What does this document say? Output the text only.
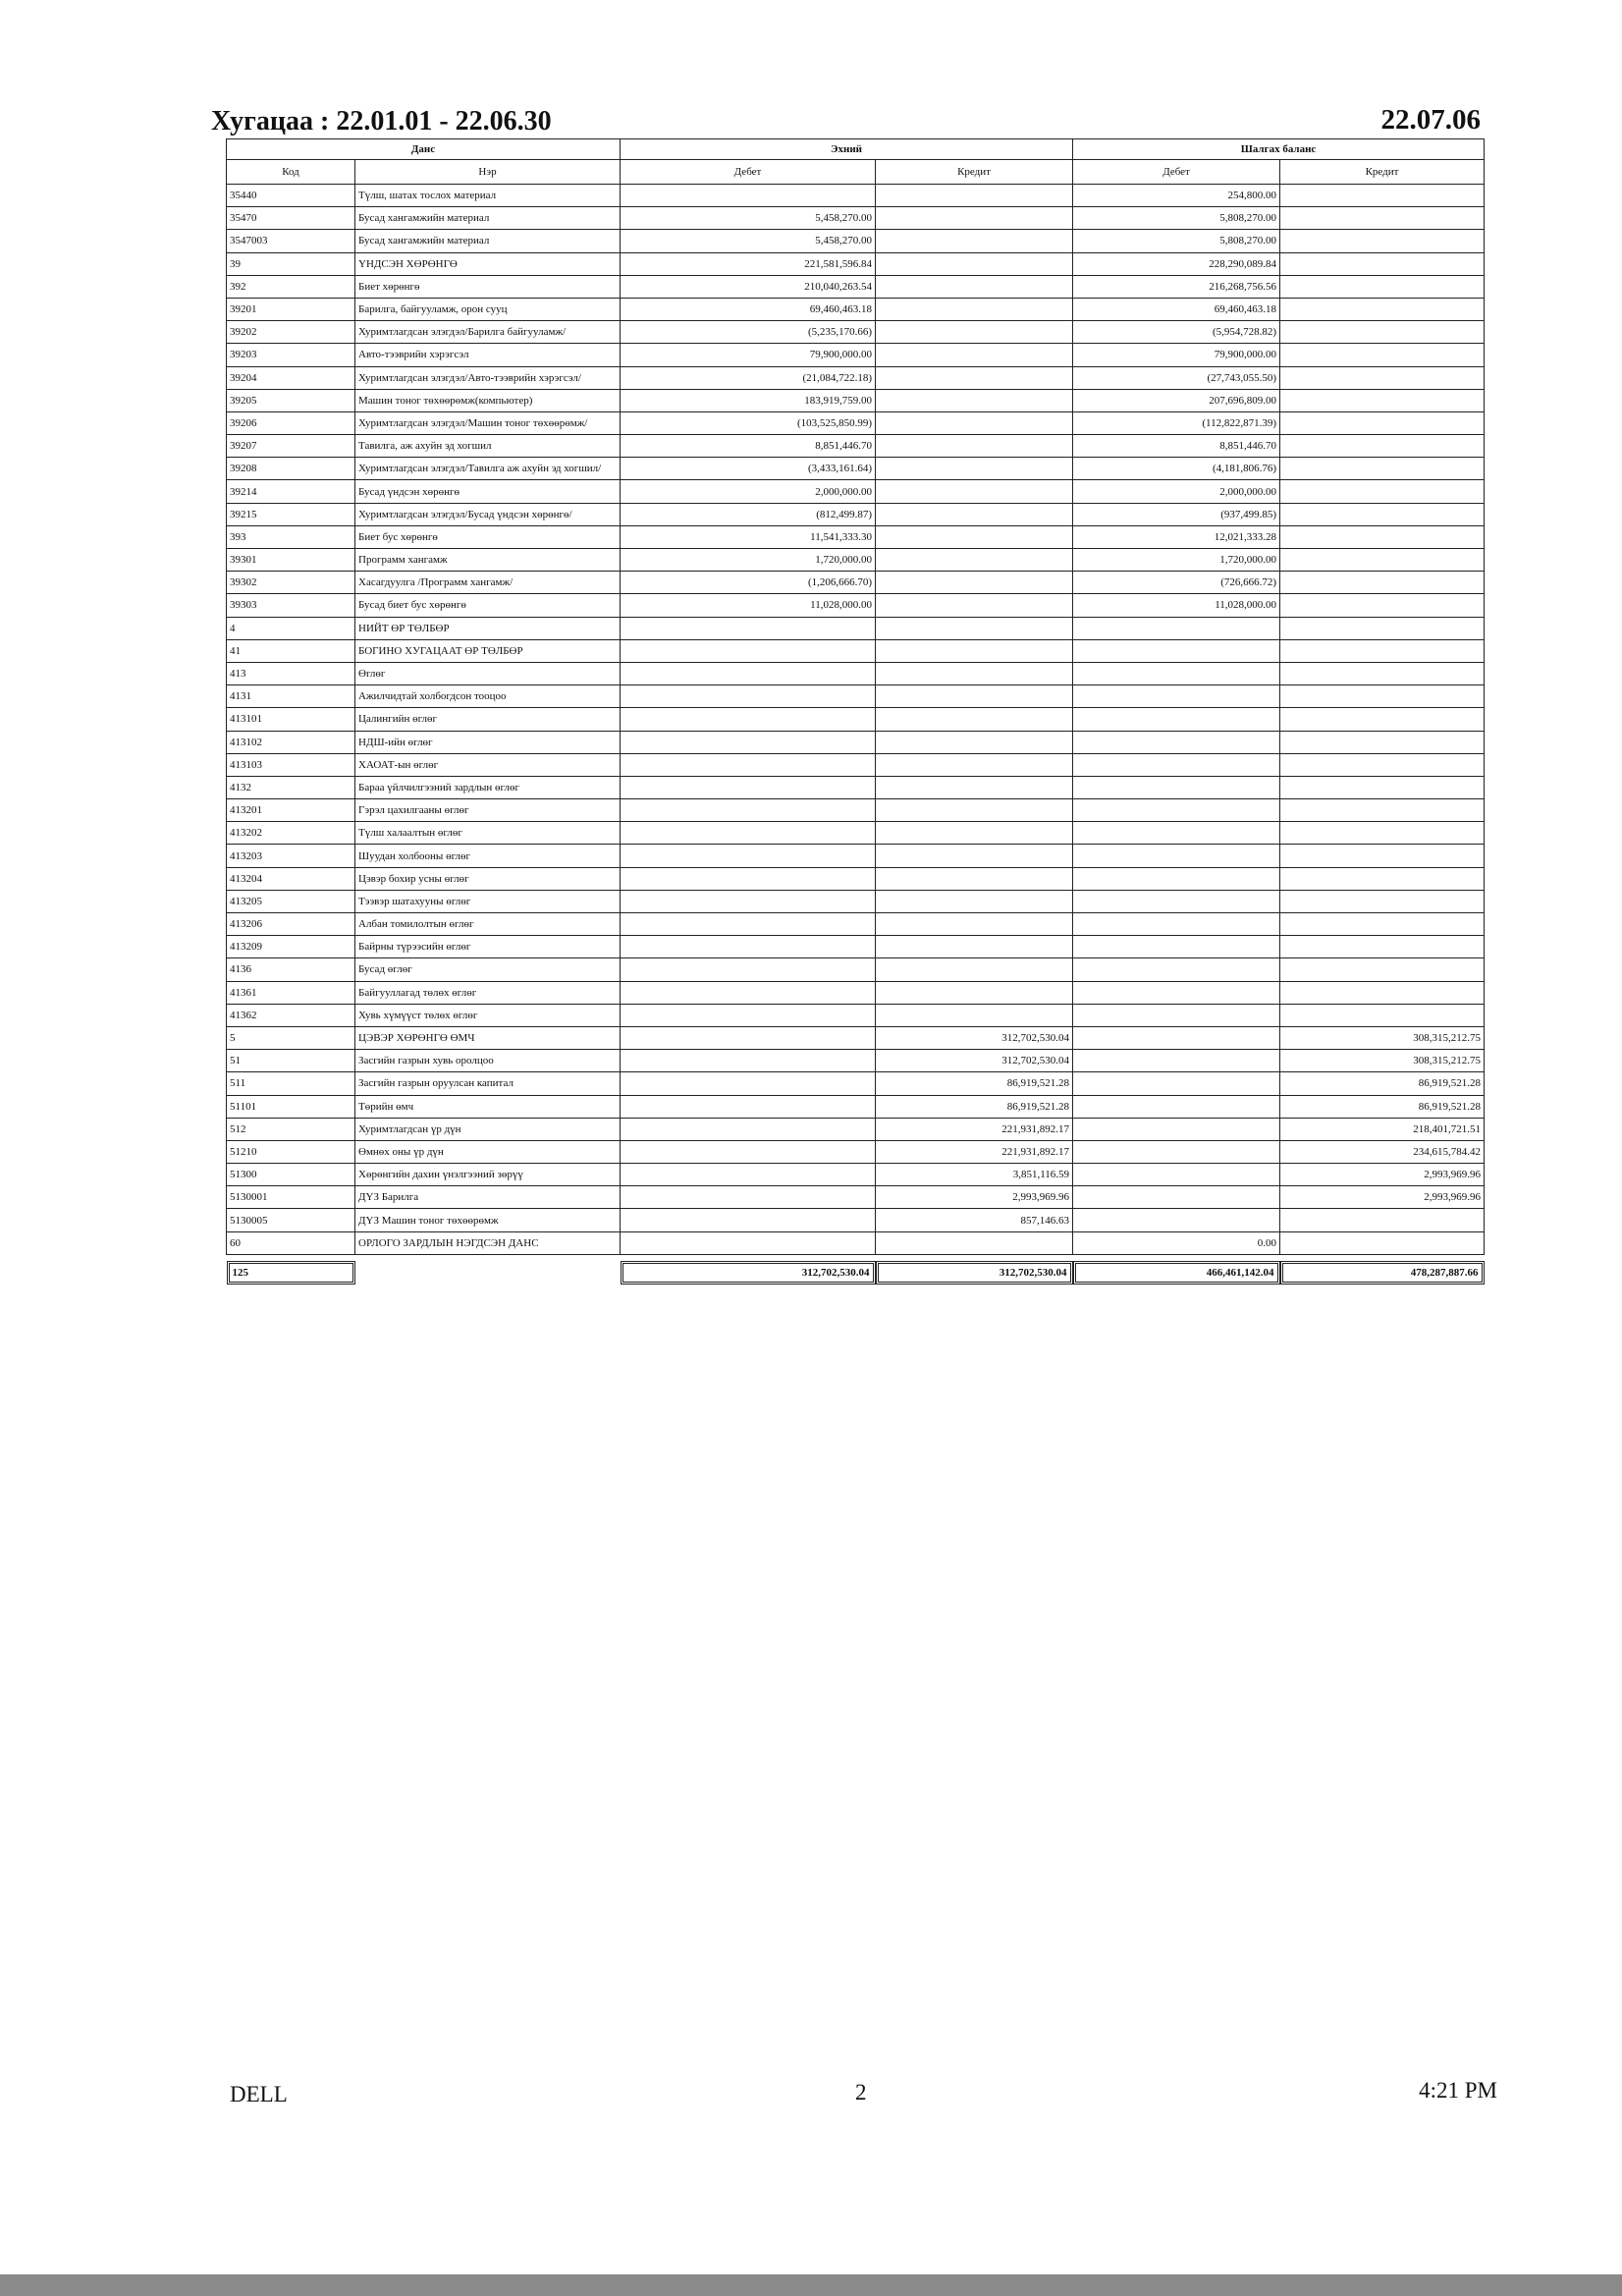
Хугацаа : 22.01.01 - 22.06.30	22.07.06
Данс		Эхний		Шалгах баланс	
Код	Нэр	Дебет	Кредит	Дебет	Кредит
35440	Түлш, шатах тослох материал			254,800.00	
35470	Бусад хангамжийн материал	5,458,270.00		5,808,270.00	
3547003	Бусад хангамжийн материал	5,458,270.00		5,808,270.00	
39	ҮНДСЭН ХӨРӨНГӨ	221,581,596.84		228,290,089.84	
392	Биет хөрөнгө	210,040,263.54		216,268,756.56	
39201	Барилга, байгууламж, орон сууц	69,460,463.18		69,460,463.18	
39202	Хуримтлагдсан элэгдэл/Барилга байгууламж/	(5,235,170.66)		(5,954,728.82)	
39203	Авто-тээврийн хэрэгсэл	79,900,000.00		79,900,000.00	
39204	Хуримтлагдсан элэгдэл/Авто-тээврийн хэрэгсэл/	(21,084,722.18)		(27,743,055.50)	
39205	Машин тоног төхөөрөмж(компьютер)	183,919,759.00		207,696,809.00	
39206	Хуримтлагдсан элэгдэл/Машин тоног төхөөрөмж/	(103,525,850.99)		(112,822,871.39)	
39207	Тавилга, аж ахуйн эд хогшил	8,851,446.70		8,851,446.70	
39208	Хуримтлагдсан элэгдэл/Тавилга аж ахуйн эд хогшил/	(3,433,161.64)		(4,181,806.76)	
39214	Бусад үндсэн хөрөнгө	2,000,000.00		2,000,000.00	
39215	Хуримтлагдсан элэгдэл/Бусад үндсэн хөрөнгө/	(812,499.87)		(937,499.85)	
393	Биет бус хөрөнгө	11,541,333.30		12,021,333.28	
39301	Программ хангамж	1,720,000.00		1,720,000.00	
39302	Хасагдуулга /Программ хангамж/	(1,206,666.70)		(726,666.72)	
39303	Бусад биет бус хөрөнгө	11,028,000.00		11,028,000.00	
4	НИЙТ ӨР ТӨЛБӨР				
41	БОГИНО ХУГАЦААТ ӨР ТӨЛБӨР				
413	Өглөг				
4131	Ажилчидтай холбогдсон тооцоо				
413101	Цалингийн өглөг				
413102	НДШ-ийн өглөг				
413103	ХАОАТ-ын өглөг				
4132	Бараа үйлчилгээний зардлын өглөг				
413201	Гэрэл цахилгааны өглөг				
413202	Түлш халаалтын өглөг				
413203	Шуудан холбооны өглөг				
413204	Цэвэр бохир усны өглөг				
413205	Тээвэр шатахууны өглөг				
413206	Албан томилолтын өглөг				
413209	Байрны түрээсийн өглөг				
4136	Бусад өглөг				
41361	Байгууллагад төлөх өглөг				
41362	Хувь хүмүүст төлөх өглөг				
5	ЦЭВЭР ХӨРӨНГӨ ӨМЧ		312,702,530.04		308,315,212.75
51	Засгийн газрын хувь оролцоо		312,702,530.04		308,315,212.75
511	Засгийн газрын оруулсан капитал		86,919,521.28		86,919,521.28
51101	Төрийн өмч		86,919,521.28		86,919,521.28
512	Хуримтлагдсан үр дүн		221,931,892.17		218,401,721.51
51210	Өмнөх оны үр дүн		221,931,892.17		234,615,784.42
51300	Хөрөнгийн дахин үнэлгээний зөрүү		3,851,116.59		2,993,969.96
5130001	ДҮЗ Барилга		2,993,969.96		2,993,969.96
5130005	ДҮЗ Машин тоног төхөөрөмж		857,146.63		
60	ОРЛОГО ЗАРДЛЫН НЭГДСЭН ДАНС			0.00	

125		312,702,530.04	312,702,530.04	466,461,142.04	478,287,887.66
DELL	2	4:21 PM
